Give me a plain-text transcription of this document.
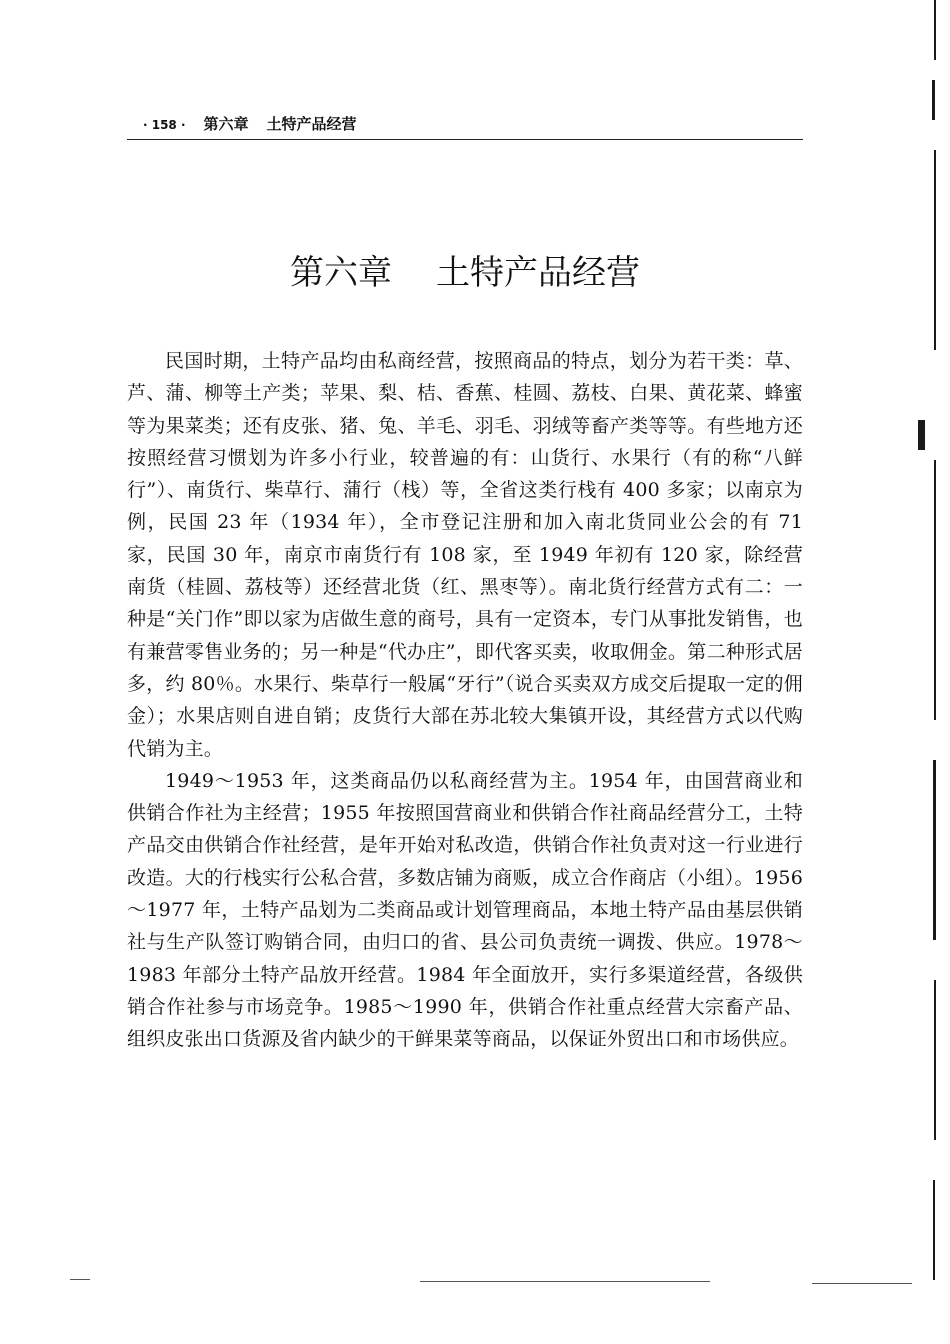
· 158 · 第六章 土特产品经营
第六章 土特产品经营

民国时期，土特产品均由私商经营，按照商品的特点，划分为若干类：草、芦、蒲、柳等土产类；苹果、梨、桔、香蕉、桂圆、荔枝、白果、黄花菜、蜂蜜等为果菜类；还有皮张、猪、兔、羊毛、羽毛、羽绒等畜产类等等。有些地方还按照经营习惯划为许多小行业，较普遍的有：山货行、水果行（有的称“八鲜行”）、南货行、柴草行、蒲行（栈）等，全省这类行栈有 400 多家；以南京为例，民国 23 年（1934 年），全市登记注册和加入南北货同业公会的有 71 家，民国 30 年，南京市南货行有 108 家，至 1949 年初有 120 家，除经营南货（桂圆、荔枝等）还经营北货（红、黑枣等）。南北货行经营方式有二：一种是“关门作”即以家为店做生意的商号，具有一定资本，专门从事批发销售，也有兼营零售业务的；另一种是“代办庄”，即代客买卖，收取佣金。第二种形式居多，约 80％。水果行、柴草行一般属“牙行”（说合买卖双方成交后提取一定的佣金）；水果店则自进自销；皮货行大部在苏北较大集镇开设，其经营方式以代购代销为主。

1949～1953 年，这类商品仍以私商经营为主。1954 年，由国营商业和供销合作社为主经营；1955 年按照国营商业和供销合作社商品经营分工，土特产品交由供销合作社经营，是年开始对私改造，供销合作社负责对这一行业进行改造。大的行栈实行公私合营，多数店铺为商贩，成立合作商店（小组）。1956～1977 年，土特产品划为二类商品或计划管理商品，本地土特产品由基层供销社与生产队签订购销合同，由归口的省、县公司负责统一调拨、供应。1978～1983 年部分土特产品放开经营。1984 年全面放开，实行多渠道经营，各级供销合作社参与市场竞争。1985～1990 年，供销合作社重点经营大宗畜产品、组织皮张出口货源及省内缺少的干鲜果菜等商品，以保证外贸出口和市场供应。
